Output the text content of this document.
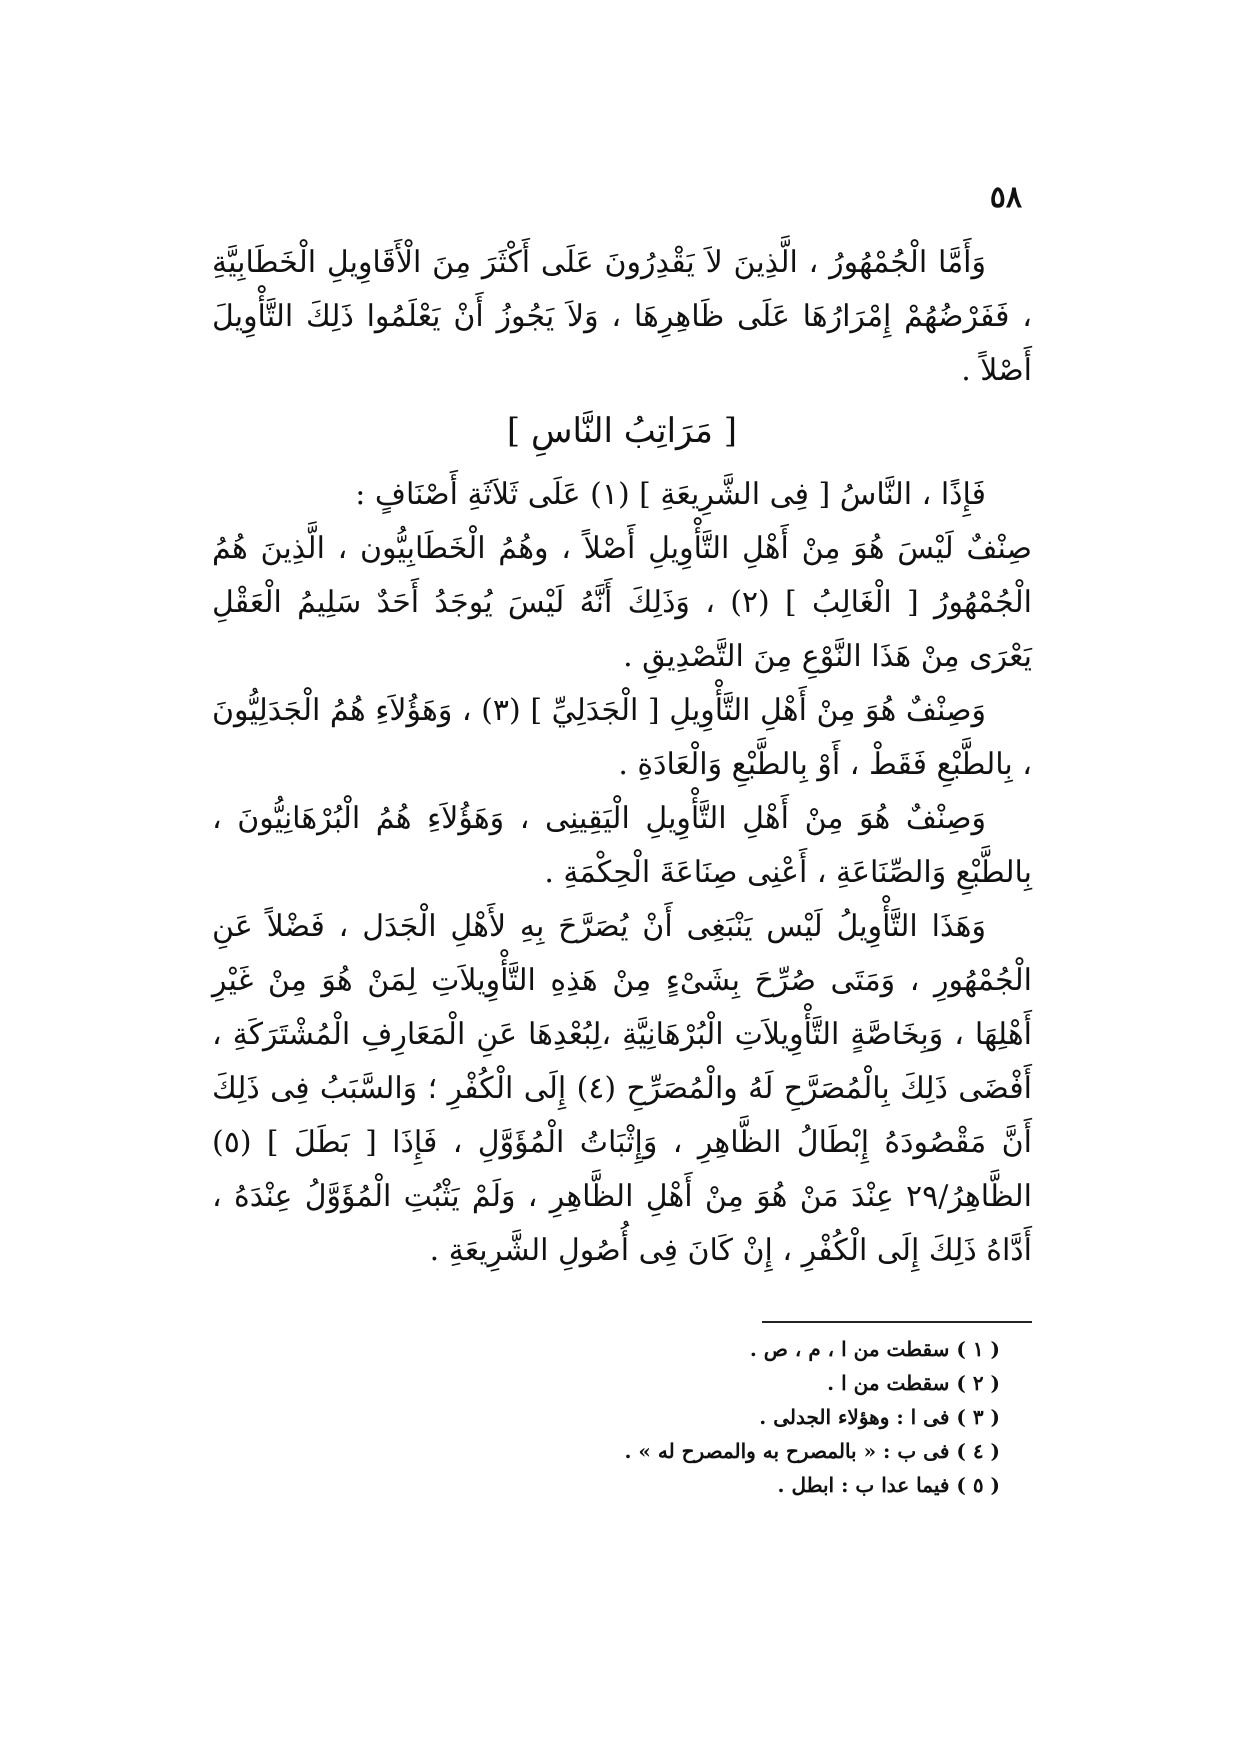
٥٨

وَأَمَّا الْجُمْهُورُ ، الَّذِينَ لاَ يَقْدِرُونَ عَلَى أَكْثَرَ مِنَ الْأَقَاوِيلِ الْخَطَابِيَّةِ ، فَفَرْضُهُمْ إِمْرَارُهَا عَلَى ظَاهِرِهَا ، وَلاَ يَجُوزُ أَنْ يَعْلَمُوا ذَلِكَ التَّأْوِيلَ أَصْلاً .

[ مَرَاتِبُ النَّاسِ ]

فَإِذًا ، النَّاسُ [ فِى الشَّرِيعَةِ ] (١) عَلَى ثَلاَثَةِ أَصْنَافٍ :

صِنْفٌ لَيْسَ هُوَ مِنْ أَهْلِ التَّأْوِيلِ أَصْلاً ، وهُمُ الْخَطَابِيُّون ، الَّذِينَ هُمُ الْجُمْهُورُ [ الْغَالِبُ ] (٢) ، وَذَلِكَ أَنَّهُ لَيْسَ يُوجَدُ أَحَدٌ سَلِيمُ الْعَقْلِ يَعْرَى مِنْ هَذَا النَّوْعِ مِنَ التَّصْدِيقِ .

وَصِنْفٌ هُوَ مِنْ أَهْلِ التَّأْوِيلِ [ الْجَدَلِيِّ ] (٣) ، وَهَؤُلاَءِ هُمُ الْجَدَلِيُّونَ ، بِالطَّبْعِ فَقَطْ ، أَوْ بِالطَّبْعِ وَالْعَادَةِ .

وَصِنْفٌ هُوَ مِنْ أَهْلِ التَّأْوِيلِ الْيَقِينِى ، وَهَؤُلاَءِ هُمُ الْبُرْهَانِيُّونَ ، بِالطَّبْعِ وَالصِّنَاعَةِ ، أَعْنِى صِنَاعَةَ الْحِكْمَةِ .

وَهَذَا التَّأْوِيلُ لَيْس يَنْبَغِى أَنْ يُصَرَّحَ بِهِ لأَهْلِ الْجَدَل ، فَضْلاً عَنِ الْجُمْهُورِ ، وَمَتَى صُرِّحَ بِشَىْءٍ مِنْ هَذِهِ التَّأْوِيلاَتِ لِمَنْ هُوَ مِنْ غَيْرِ أَهْلِهَا ، وَبِخَاصَّةٍ التَّأْوِيلاَتِ الْبُرْهَانِيَّةِ ،لِبُعْدِهَا عَنِ الْمَعَارِفِ الْمُشْتَرَكَةِ ، أَفْضَى ذَلِكَ بِالْمُصَرَّحِ لَهُ والْمُصَرِّحِ (٤) إِلَى الْكُفْرِ ؛ وَالسَّبَبُ فِى ذَلِكَ أَنَّ مَقْصُودَهُ إِبْطَالُ الظَّاهِرِ ، وَإِثْبَاتُ الْمُؤَوَّلِ ، فَإِذَا [ بَطَلَ ] (٥) الظَّاهِرُ/٢٩ عِنْدَ مَنْ هُوَ مِنْ أَهْلِ الظَّاهِرِ ، وَلَمْ يَثْبُتِ الْمُؤَوَّلُ عِنْدَهُ ، أَدَّاهُ ذَلِكَ إِلَى الْكُفْرِ ، إِنْ كَانَ فِى أُصُولِ الشَّرِيعَةِ .

( ١ ) سقطت من ا ، م ، ص .
( ٢ ) سقطت من ا .
( ٣ ) فى ا : وهؤلاء الجدلى .
( ٤ ) فى ب : « بالمصرح به والمصرح له » .
( ٥ ) فيما عدا ب : ابطل .
